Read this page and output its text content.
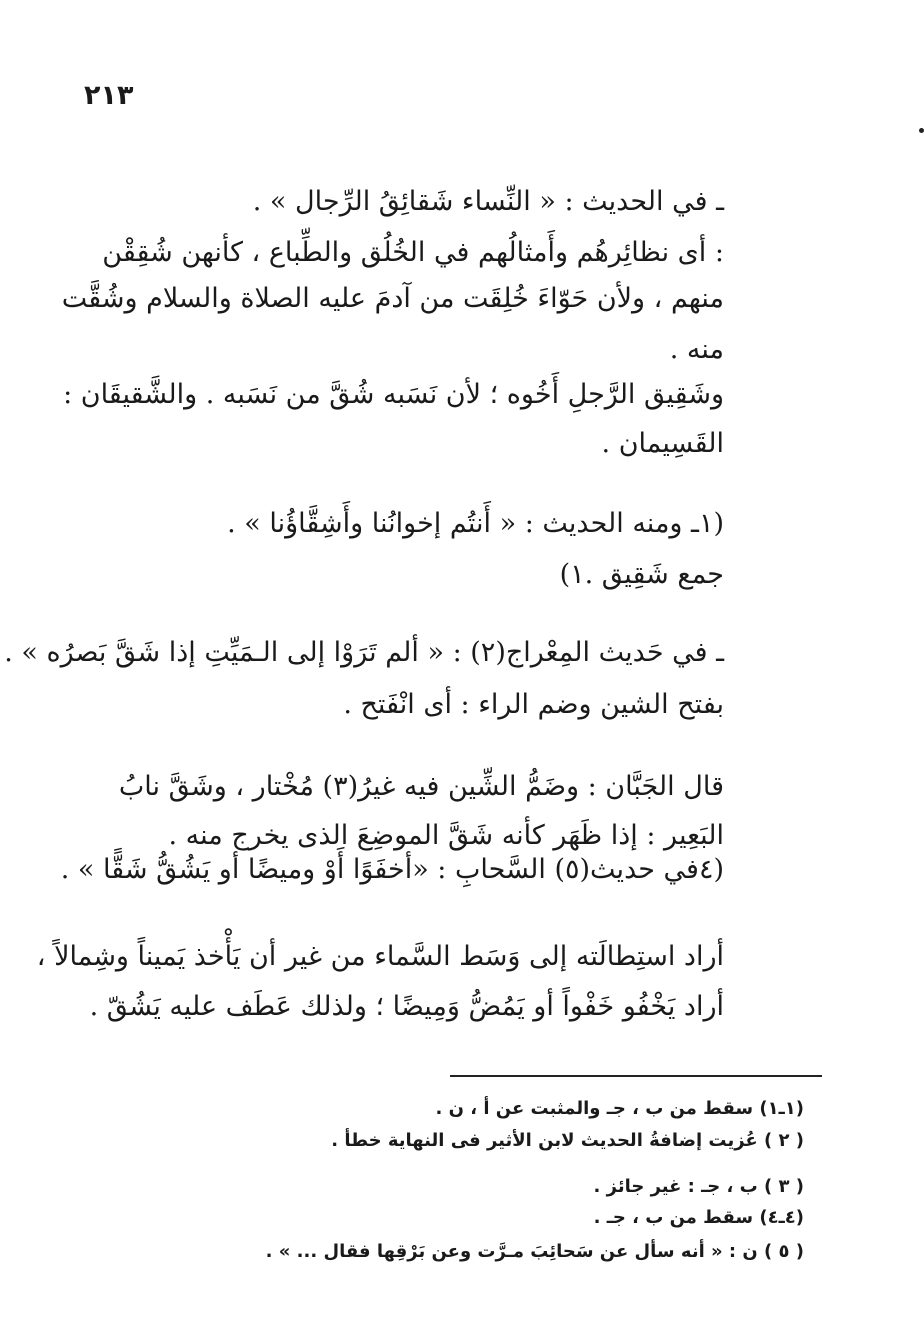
٢١٣
ـ في الحديث : « النِّساء شَقائِقُ الرِّجال » .
: أى نظائِرهُم وأَمثالُهم في الخُلُق والطِّباع ، كأنهن شُقِقْن
منهم ، ولأن حَوّاءَ خُلِقَت من آدمَ عليه الصلاة والسلام وشُقَّت
منه .
وشَقِيق الرَّجلِ أَخُوه ؛ لأن نَسَبه شُقَّ من نَسَبه . والشَّقيقَان :
القَسِيمان .
(١ـ ومنه الحديث : « أَنتُم إخوانُنا وأَشِقَّاؤُنا » .
جمع شَقِيق .١)
ـ في حَديث المِعْراج(٢) : « ألم تَرَوْا إلى الـمَيِّتِ إذا شَقَّ بَصرُه » .
بفتح الشين وضم الراء : أى انْفَتح .
قال الجَبَّان : وضَمُّ الشِّين فيه غيرُ(٣) مُخْتار ، وشَقَّ نابُ
البَعِير : إذا ظَهَر كأنه شَقَّ الموضِعَ الذى يخرج منه .
(٤في حديث(٥) السَّحابِ : «أخفَوًا أَوْ وميضًا أو يَشُقُّ شَقًّا » .
أراد استِطالَته إلى وَسَط السَّماء من غير أن يَأْخذ يَميناً وشِمالاً ،
أراد يَخْفُو خَفْواً أو يَمُضُّ وَمِيضًا ؛ ولذلك عَطَف عليه يَشُقّ .
(١ـ١) سقط من ب ، جـ والمثبت عن أ ، ن .
( ٢ ) عُزيت إضافةُ الحديث لابن الأثير فى النهاية خطأ .
( ٣ ) ب ، جـ : غير جائز .
(٤ـ٤) سقط من ب ، جـ .
( ٥ ) ن : « أنه سأل عن سَحائِبَ مـرَّت وعن بَرْقِها فقال ... » .
